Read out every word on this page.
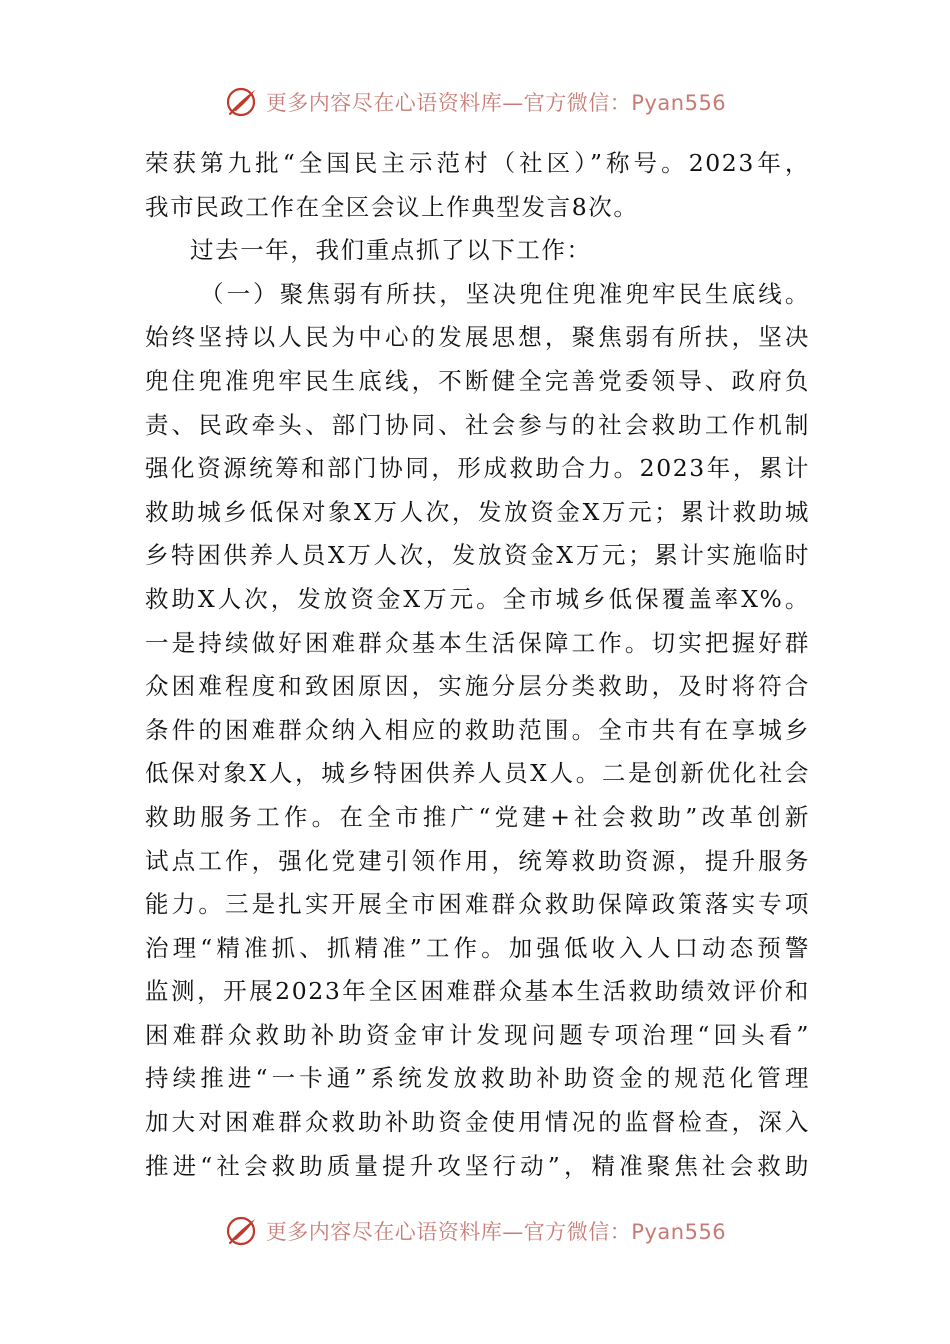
更多内容尽在心语资料库—官方微信：Pyan556

荣获第九批“全国民主示范村（社区）”称号。2023年，

我市民政工作在全区会议上作典型发言8次。

过去一年，我们重点抓了以下工作：

（一）聚焦弱有所扶，坚决兜住兜准兜牢民生底线。

始终坚持以人民为中心的发展思想，聚焦弱有所扶，坚决

兜住兜准兜牢民生底线，不断健全完善党委领导、政府负

责、民政牵头、部门协同、社会参与的社会救助工作机制

强化资源统筹和部门协同，形成救助合力。2023年，累计

救助城乡低保对象X万人次，发放资金X万元；累计救助城

乡特困供养人员X万人次，发放资金X万元；累计实施临时

救助X人次，发放资金X万元。全市城乡低保覆盖率X%。

一是持续做好困难群众基本生活保障工作。切实把握好群

众困难程度和致困原因，实施分层分类救助，及时将符合

条件的困难群众纳入相应的救助范围。全市共有在享城乡

低保对象X人，城乡特困供养人员X人。二是创新优化社会

救助服务工作。在全市推广“党建+社会救助”改革创新

试点工作，强化党建引领作用，统筹救助资源，提升服务

能力。三是扎实开展全市困难群众救助保障政策落实专项

治理“精准抓、抓精准”工作。加强低收入人口动态预警

监测，开展2023年全区困难群众基本生活救助绩效评价和

困难群众救助补助资金审计发现问题专项治理“回头看”

持续推进“一卡通”系统发放救助补助资金的规范化管理

加大对困难群众救助补助资金使用情况的监督检查，深入

推进“社会救助质量提升攻坚行动”，精准聚焦社会救助

更多内容尽在心语资料库—官方微信：Pyan556
